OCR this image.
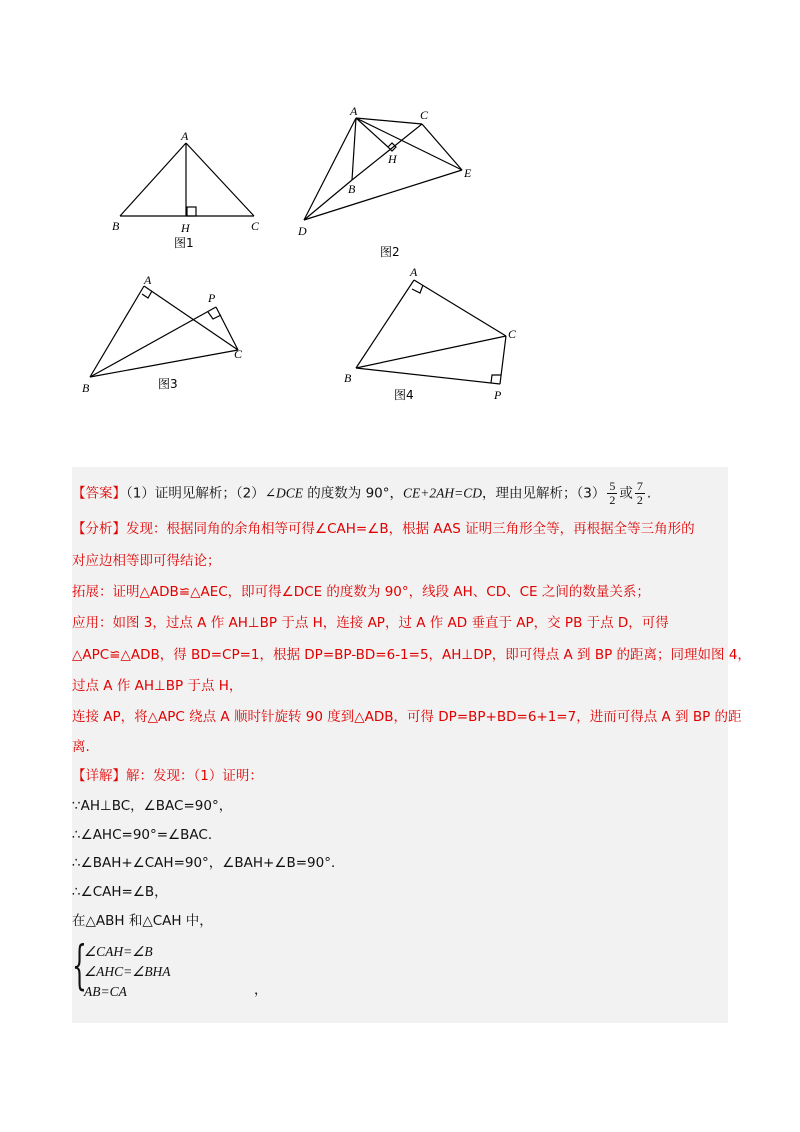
A
B	C
H
图1
A	C
H
B
E
D
图2
A
P
C
B	图3
A
C
B
P
图4
【答案】（1）证明见解析；（2）∠DCE 的度数为 90°，CE+2AH=CD，理由见解析；$(3) \frac{5}{2}$ 或 $\frac{7}{2}$ .
【分析】发现：根据同角的余角相等可得∠CAH=∠B，根据 AAS 证明三角形全等，再根据全等三角形的
对应边相等即可得结论；
拓展：证明△ADB≌△AEC，即可得∠DCE 的度数为 90°，线段 AH、CD、CE 之间的数量关系；
应用：如图 3，过点 A 作 AH⊥BP 于点 H，连接 AP，过 A 作 AD 垂直于 AP，交 PB 于点 D，可得
△APC≌△ADB，得 BD=CP=1，根据 DP=BP-BD=6-1=5，AH⊥DP，即可得点 A 到 BP 的距离；同理如图 4，
过点 A 作 AH⊥BP 于点 H，
连接 AP，将△APC 绕点 A 顺时针旋转 90 度到△ADB，可得 DP=BP+BD=6+1=7，进而可得点 A 到 BP 的距
离.
【详解】解：发现：（1）证明：
∵AH⊥BC，∠BAC=90°，
∴∠AHC=90°=∠BAC．
∴∠BAH+∠CAH=90°，∠BAH+∠B=90°．
∴∠CAH=∠B，
在△ABH 和△CAH 中，
{
∠CAH=∠B
∠AHC=∠BHA
AB=CA	，
